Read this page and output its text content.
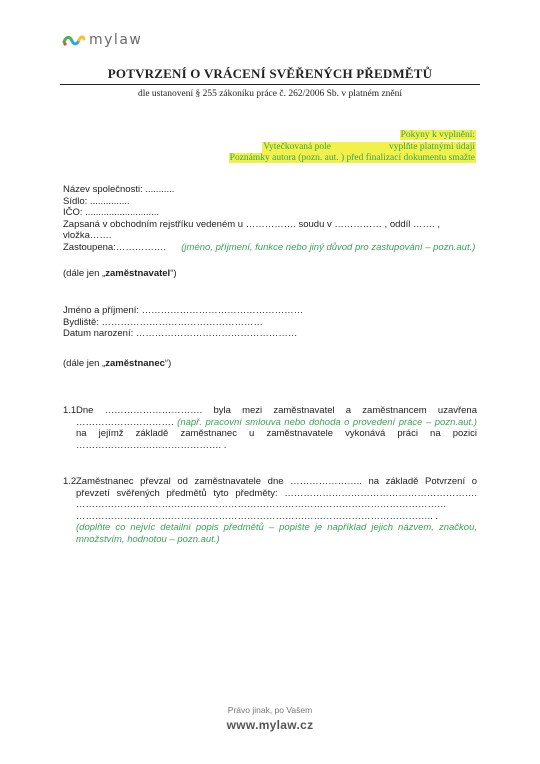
mylaw
POTVRZENÍ O VRÁCENÍ SVĚŘENÝCH PŘEDMĚTŮ
dle ustanovení § 255 zákoníku práce č. 262/2006 Sb. v platném znění
Pokyny k vyplnění:
Vytečkovaná pole	vyplňte platnými údaji
Poznámky autora (pozn. aut. ) před finalizací dokumentu smažte
Název společnosti: ...........
Sídlo: ...............
IČO: ............................
Zapsaná v obchodním rejstříku vedeném u ……………. soudu v …………… , oddíl ……. ,
vložka…….
Zastoupena:……………. (jméno, příjmení, funkce nebo jiný důvod pro zastupování – pozn.aut.)
(dále jen „zaměstnavatel“)
Jméno a příjmení: ……………………………………………
Bydliště: ……………………………………………
Datum narození: ……………………………………………
(dále jen „zaměstnanec“)
1.1 Dne …………………………. byla mezi zaměstnavatel a zaměstnancem uzavřena …………………………. (např. pracovní smlouva nebo dohoda o provedení práce – pozn.aut.) na jejímž základě zaměstnanec u zaměstnavatele vykonává práci na pozici ………………………………………. .
1.2 Zaměstnanec převzal od zaměstnavatele dne ………………….. na základě Potvrzení o převzetí svěřených předmětů tyto předměty: ……………………………………………………. ……………………………………………………………………………………………………… ………………………………………………………………………………………………….. .
(doplňte co nejvíc detailní popis předmětů – popište je například jejich názvem, značkou, množstvím, hodnotou – pozn.aut.)
Právo jinak, po Vašem
www.mylaw.cz
